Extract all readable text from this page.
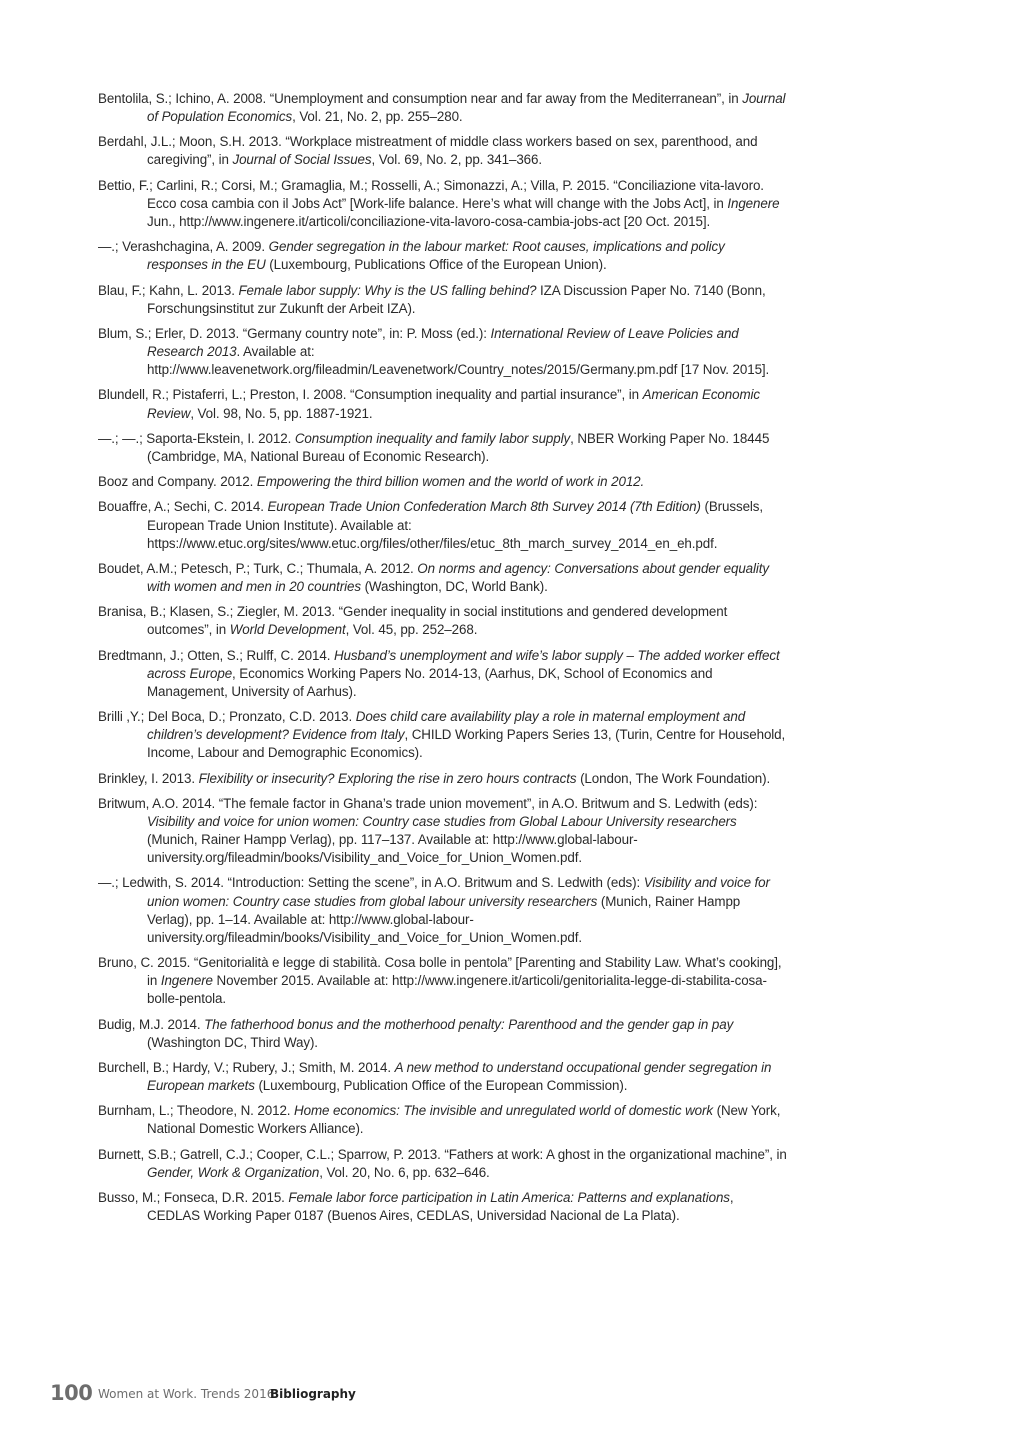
Bentolila, S.; Ichino, A. 2008. “Unemployment and consumption near and far away from the Mediterranean”, in Journal of Population Economics, Vol. 21, No. 2, pp. 255–280.

Berdahl, J.L.; Moon, S.H. 2013. “Workplace mistreatment of middle class workers based on sex, parenthood, and caregiving”, in Journal of Social Issues, Vol. 69, No. 2, pp. 341–366.

Bettio, F.; Carlini, R.; Corsi, M.; Gramaglia, M.; Rosselli, A.; Simonazzi, A.; Villa, P. 2015. “Conciliazione vita-lavoro. Ecco cosa cambia con il Jobs Act” [Work-life balance. Here’s what will change with the Jobs Act], in Ingenere Jun., http://www.ingenere.it/articoli/conciliazione-vita-lavoro-cosa-cambia-jobs-act [20 Oct. 2015].

—.; Verashchagina, A. 2009. Gender segregation in the labour market: Root causes, implications and policy responses in the EU (Luxembourg, Publications Office of the European Union).

Blau, F.; Kahn, L. 2013. Female labor supply: Why is the US falling behind? IZA Discussion Paper No. 7140 (Bonn, Forschungsinstitut zur Zukunft der Arbeit IZA).

Blum, S.; Erler, D. 2013. “Germany country note”, in: P. Moss (ed.): International Review of Leave Policies and Research 2013. Available at: http://www.leavenetwork.org/fileadmin/Leavenetwork/Country_notes/2015/Germany.pm.pdf [17 Nov. 2015].

Blundell, R.; Pistaferri, L.; Preston, I. 2008. “Consumption inequality and partial insurance”, in American Economic Review, Vol. 98, No. 5, pp. 1887-1921.

—.; —.; Saporta-Ekstein, I. 2012. Consumption inequality and family labor supply, NBER Working Paper No. 18445 (Cambridge, MA, National Bureau of Economic Research).

Booz and Company. 2012. Empowering the third billion women and the world of work in 2012.

Bouaffre, A.; Sechi, C. 2014. European Trade Union Confederation March 8th Survey 2014 (7th Edition) (Brussels, European Trade Union Institute). Available at: https://www.etuc.org/sites/www.etuc.org/files/other/files/etuc_8th_march_survey_2014_en_eh.pdf.

Boudet, A.M.; Petesch, P.; Turk, C.; Thumala, A. 2012. On norms and agency: Conversations about gender equality with women and men in 20 countries (Washington, DC, World Bank).

Branisa, B.; Klasen, S.; Ziegler, M. 2013. “Gender inequality in social institutions and gendered development outcomes”, in World Development, Vol. 45, pp. 252–268.

Bredtmann, J.; Otten, S.; Rulff, C. 2014. Husband’s unemployment and wife’s labor supply – The added worker effect across Europe, Economics Working Papers No. 2014-13, (Aarhus, DK, School of Economics and Management, University of Aarhus).

Brilli ,Y.; Del Boca, D.; Pronzato, C.D. 2013. Does child care availability play a role in maternal employment and children’s development? Evidence from Italy, CHILD Working Papers Series 13, (Turin, Centre for Household, Income, Labour and Demographic Economics).

Brinkley, I. 2013. Flexibility or insecurity? Exploring the rise in zero hours contracts (London, The Work Foundation).

Britwum, A.O. 2014. “The female factor in Ghana’s trade union movement”, in A.O. Britwum and S. Ledwith (eds): Visibility and voice for union women: Country case studies from Global Labour University researchers (Munich, Rainer Hampp Verlag), pp. 117–137. Available at: http://www.global-labour-university.org/fileadmin/books/Visibility_and_Voice_for_Union_Women.pdf.

—.; Ledwith, S. 2014. “Introduction: Setting the scene”, in A.O. Britwum and S. Ledwith (eds): Visibility and voice for union women: Country case studies from global labour university researchers (Munich, Rainer Hampp Verlag), pp. 1–14. Available at: http://www.global-labour-university.org/fileadmin/books/Visibility_and_Voice_for_Union_Women.pdf.

Bruno, C. 2015. “Genitorialità e legge di stabilità. Cosa bolle in pentola” [Parenting and Stability Law. What’s cooking], in Ingenere November 2015. Available at: http://www.ingenere.it/articoli/genitorialita-legge-di-stabilita-cosa-bolle-pentola.

Budig, M.J. 2014. The fatherhood bonus and the motherhood penalty: Parenthood and the gender gap in pay (Washington DC, Third Way).

Burchell, B.; Hardy, V.; Rubery, J.; Smith, M. 2014. A new method to understand occupational gender segregation in European markets (Luxembourg, Publication Office of the European Commission).

Burnham, L.; Theodore, N. 2012. Home economics: The invisible and unregulated world of domestic work (New York, National Domestic Workers Alliance).

Burnett, S.B.; Gatrell, C.J.; Cooper, C.L.; Sparrow, P. 2013. “Fathers at work: A ghost in the organizational machine”, in Gender, Work & Organization, Vol. 20, No. 6, pp. 632–646.

Busso, M.; Fonseca, D.R. 2015. Female labor force participation in Latin America: Patterns and explanations, CEDLAS Working Paper 0187 (Buenos Aires, CEDLAS, Universidad Nacional de La Plata).

100 Women at Work. Trends 2016
Bibliography
